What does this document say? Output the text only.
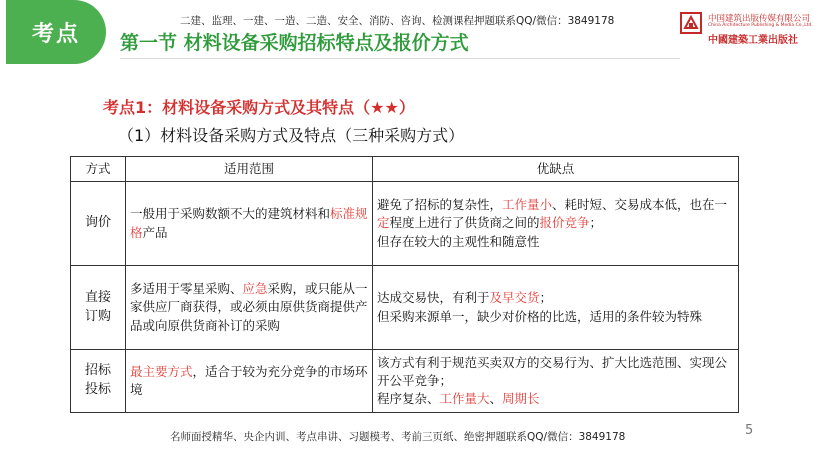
二建、监理、一建、一造、二造、安全、消防、咨询、检测课程押题联系QQ/微信：3849178
考点	第一节 材料设备采购招标特点及报价方式
中国建筑出版传媒有限公司
China Architecture Publishing & Media Co.,Ltd.
中國建築工業出版社
考点1：材料设备采购方式及其特点（★★）
（1）材料设备采购方式及特点（三种采购方式）
方式	适用范围	优缺点
询价	一般用于采购数额不大的建筑材料和标准规格产品	避免了招标的复杂性，工作量小、耗时短、交易成本低，也在一定程度上进行了供货商之间的报价竞争；
但存在较大的主观性和随意性
直接订购	多适用于零星采购、应急采购，或只能从一家供应厂商获得，或必须由原供货商提供产品或向原供货商补订的采购	达成交易快，有利于及早交货；
但采购来源单一，缺少对价格的比选，适用的条件较为特殊
招标投标	最主要方式，适合于较为充分竞争的市场环境	该方式有利于规范买卖双方的交易行为、扩大比选范围、实现公开公平竞争；
程序复杂、工作量大、周期长
5
名师面授精华、央企内训、考点串讲、习题模考、考前三页纸、绝密押题联系QQ/微信：3849178
